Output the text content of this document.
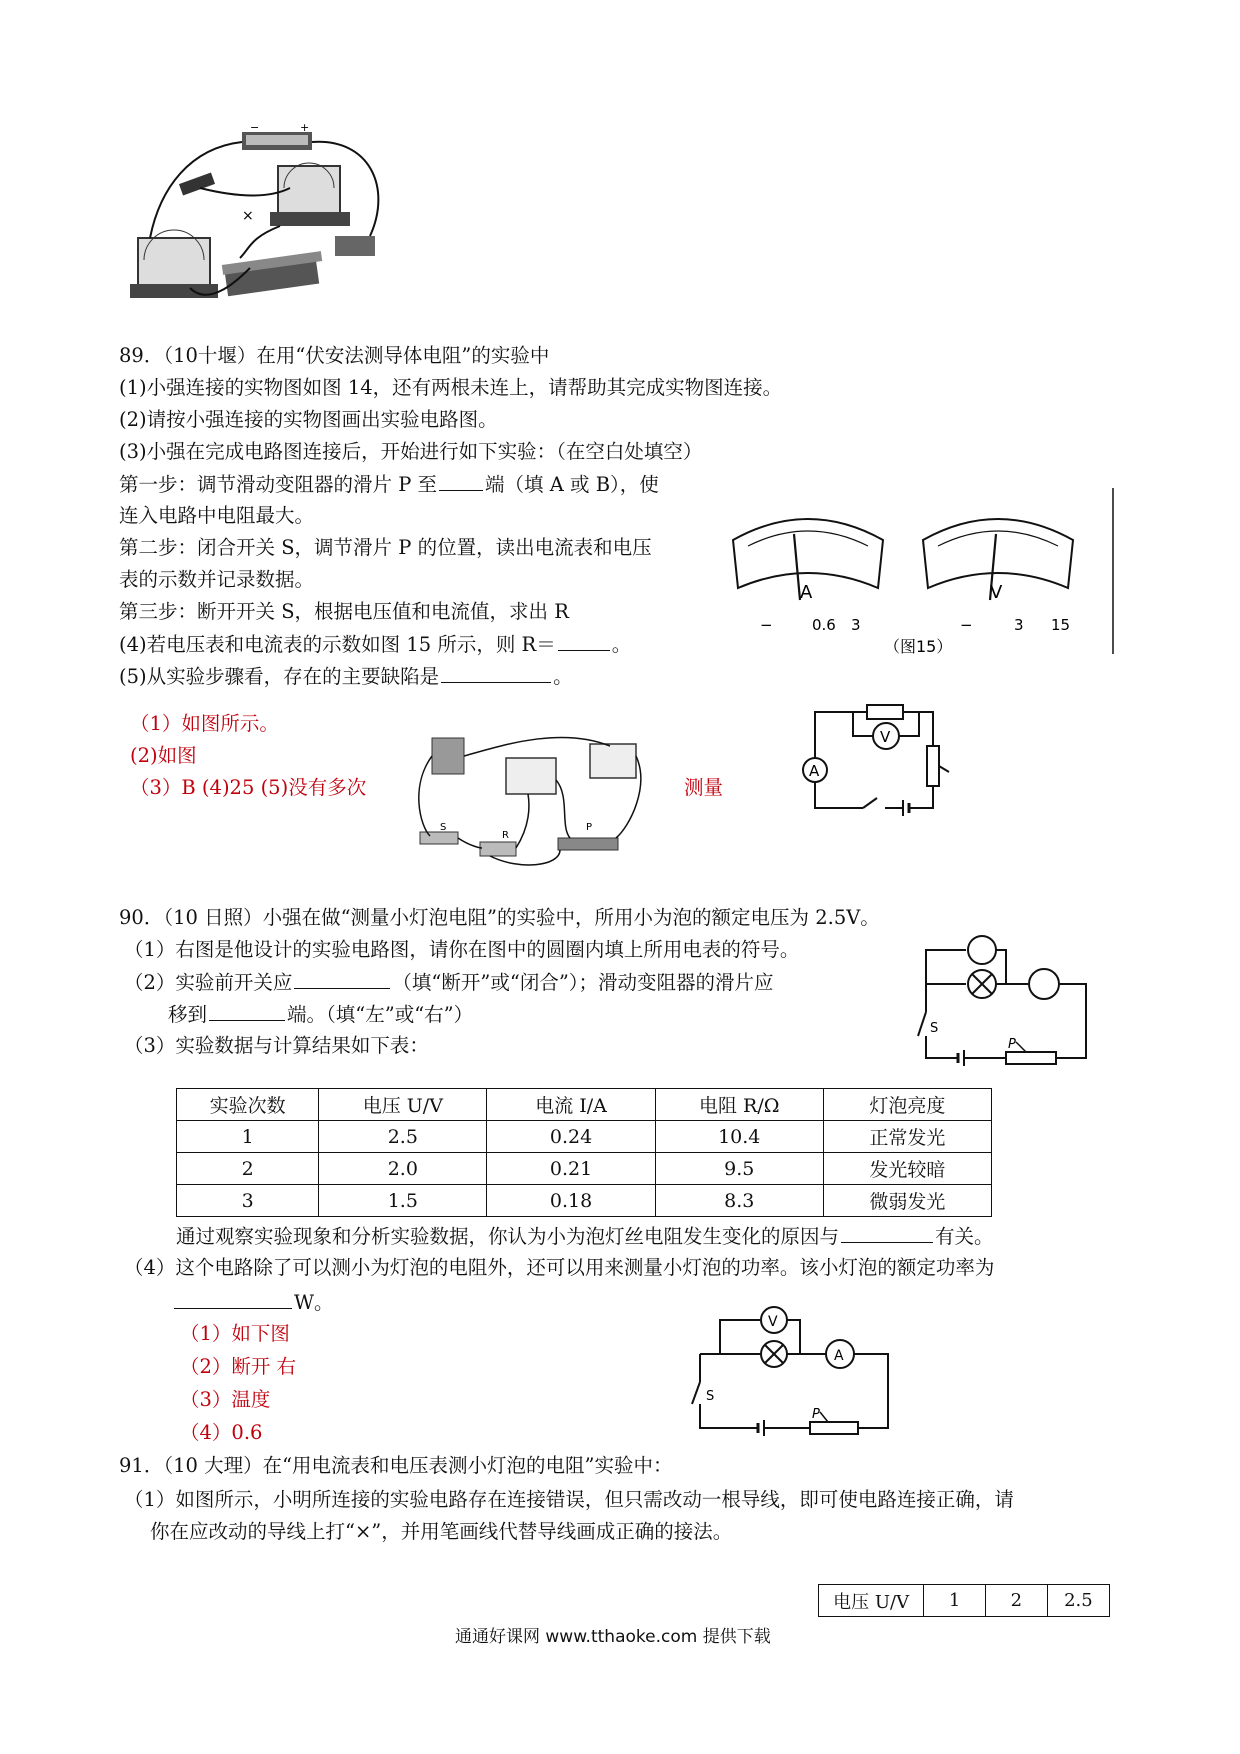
−	+
×
89．（10十堰）在用“伏安法测导体电阻”的实验中
(1)小强连接的实物图如图 14，还有两根未连上，请帮助其完成实物图连接。
(2)请按小强连接的实物图画出实验电路图。
(3)小强在完成电路图连接后，开始进行如下实验：（在空白处填空）
第一步：调节滑动变阻器的滑片 P 至 端（填 A 或 B），使
连入电路中电阻最大。
第二步：闭合开关 S，调节滑片 P 的位置，读出电流表和电压
表的示数并记录数据。
第三步：断开开关 S，根据电压值和电流值，求出 R
(4)若电压表和电流表的示数如图 15 所示，则 R＝	。
(5)从实验步骤看，存在的主要缺陷是	。
A
−	0.6 3
V
−	3 15
（图15）
（1）如图所示。
(2)如图
（3）B (4)25 (5)没有多次	测量
S
R
P
V
A
90．（10 日照）小强在做“测量小灯泡电阻”的实验中，所用小为泡的额定电压为 2.5V。
（1）右图是他设计的实验电路图，请你在图中的圆圈内填上所用电表的符号。
（2）实验前开关应	（填“断开”或“闭合”）；滑动变阻器的滑片应
移到	端。（填“左”或“右”）
（3）实验数据与计算结果如下表：	P
S
实验次数	电压 U/V	电流 I/A	电阻 R/Ω	灯泡亮度
1	2.5	0.24	10.4	正常发光
2	2.0	0.21	9.5	发光较暗
3	1.5	0.18	8.3	微弱发光
通过观察实验现象和分析实验数据，你认为小为泡灯丝电阻发生变化的原因与	有关。
（4）这个电路除了可以测小为灯泡的电阻外，还可以用来测量小灯泡的功率。该小灯泡的额定功率为
W。
（1）如下图
（2）断开 右
（3）温度
（4）0.6
V
A
P
S
91．（10 大理）在“用电流表和电压表测小灯泡的电阻”实验中：
（1）如图所示，小明所连接的实验电路存在连接错误，但只需改动一根导线，即可使电路连接正确，请
你在应改动的导线上打“×”，并用笔画线代替导线画成正确的接法。
电压 U/V	1	2	2.5
通通好课网 www.tthaoke.com 提供下载
